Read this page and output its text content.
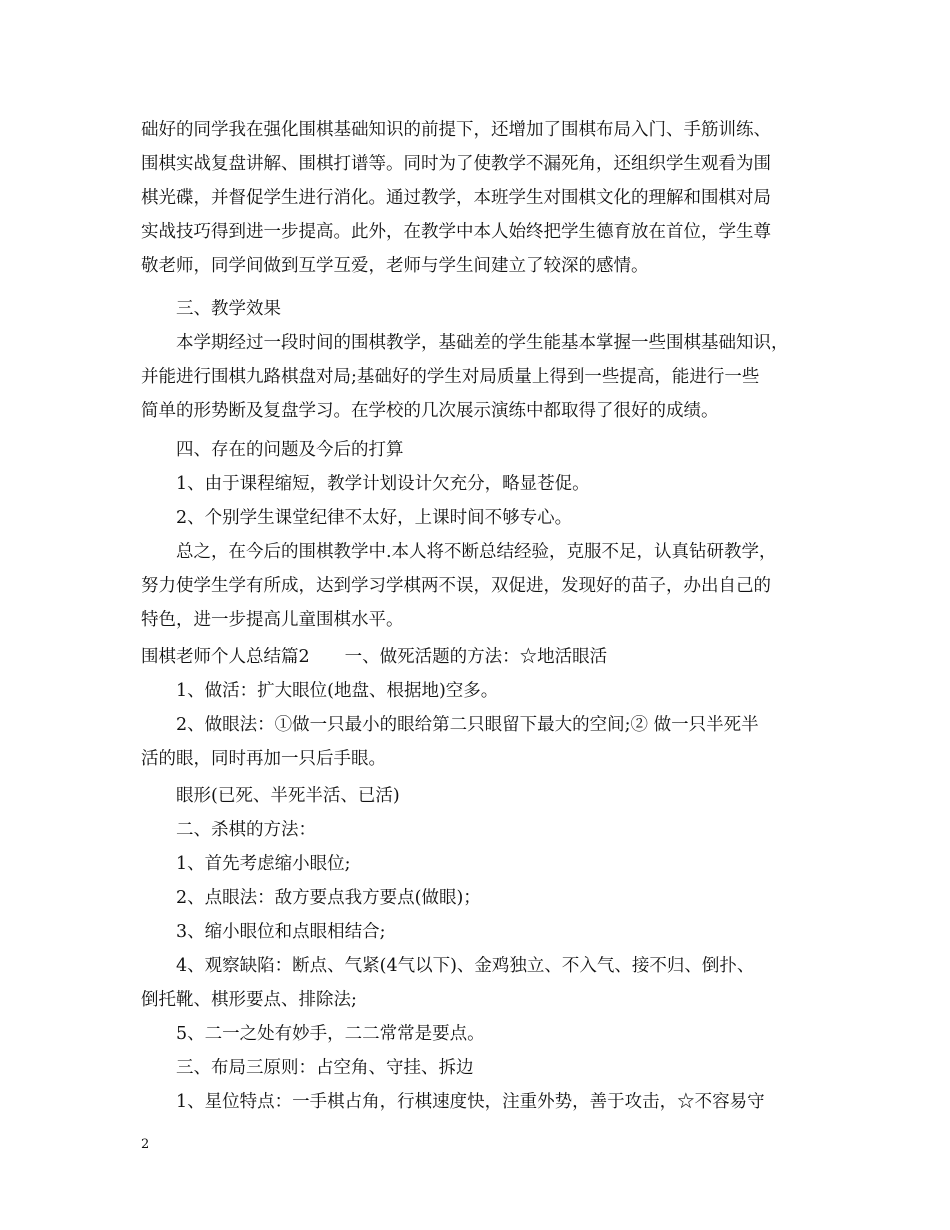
础好的同学我在强化围棋基础知识的前提下，还增加了围棋布局入门、手筋训练、
围棋实战复盘讲解、围棋打谱等。同时为了使教学不漏死角，还组织学生观看为围
棋光碟，并督促学生进行消化。通过教学，本班学生对围棋文化的理解和围棋对局
实战技巧得到进一步提高。此外，在教学中本人始终把学生德育放在首位，学生尊
敬老师，同学间做到互学互爱，老师与学生间建立了较深的感情。
三、教学效果
本学期经过一段时间的围棋教学，基础差的学生能基本掌握一些围棋基础知识，
并能进行围棋九路棋盘对局;基础好的学生对局质量上得到一些提高，能进行一些
简单的形势断及复盘学习。在学校的几次展示演练中都取得了很好的成绩。
四、存在的问题及今后的打算
1、由于课程缩短，教学计划设计欠充分，略显苍促。
2、个别学生课堂纪律不太好，上课时间不够专心。
总之，在今后的围棋教学中.本人将不断总结经验，克服不足，认真钻研教学，
努力使学生学有所成，达到学习学棋两不误，双促进，发现好的苗子，办出自己的
特色，进一步提高儿童围棋水平。
围棋老师个人总结篇2　　一、做死活题的方法：☆地活眼活
1、做活：扩大眼位(地盘、根据地)空多。
2、做眼法：①做一只最小的眼给第二只眼留下最大的空间;② 做一只半死半
活的眼，同时再加一只后手眼。
眼形(已死、半死半活、已活)
二、杀棋的方法：
1、首先考虑缩小眼位;
2、点眼法：敌方要点我方要点(做眼)；
3、缩小眼位和点眼相结合;
4、观察缺陷：断点、气紧(4气以下)、金鸡独立、不入气、接不归、倒扑、
倒托靴、棋形要点、排除法;
5、二一之处有妙手，二二常常是要点。
三、布局三原则：占空角、守挂、拆边
1、星位特点：一手棋占角，行棋速度快，注重外势，善于攻击，☆不容易守
2
